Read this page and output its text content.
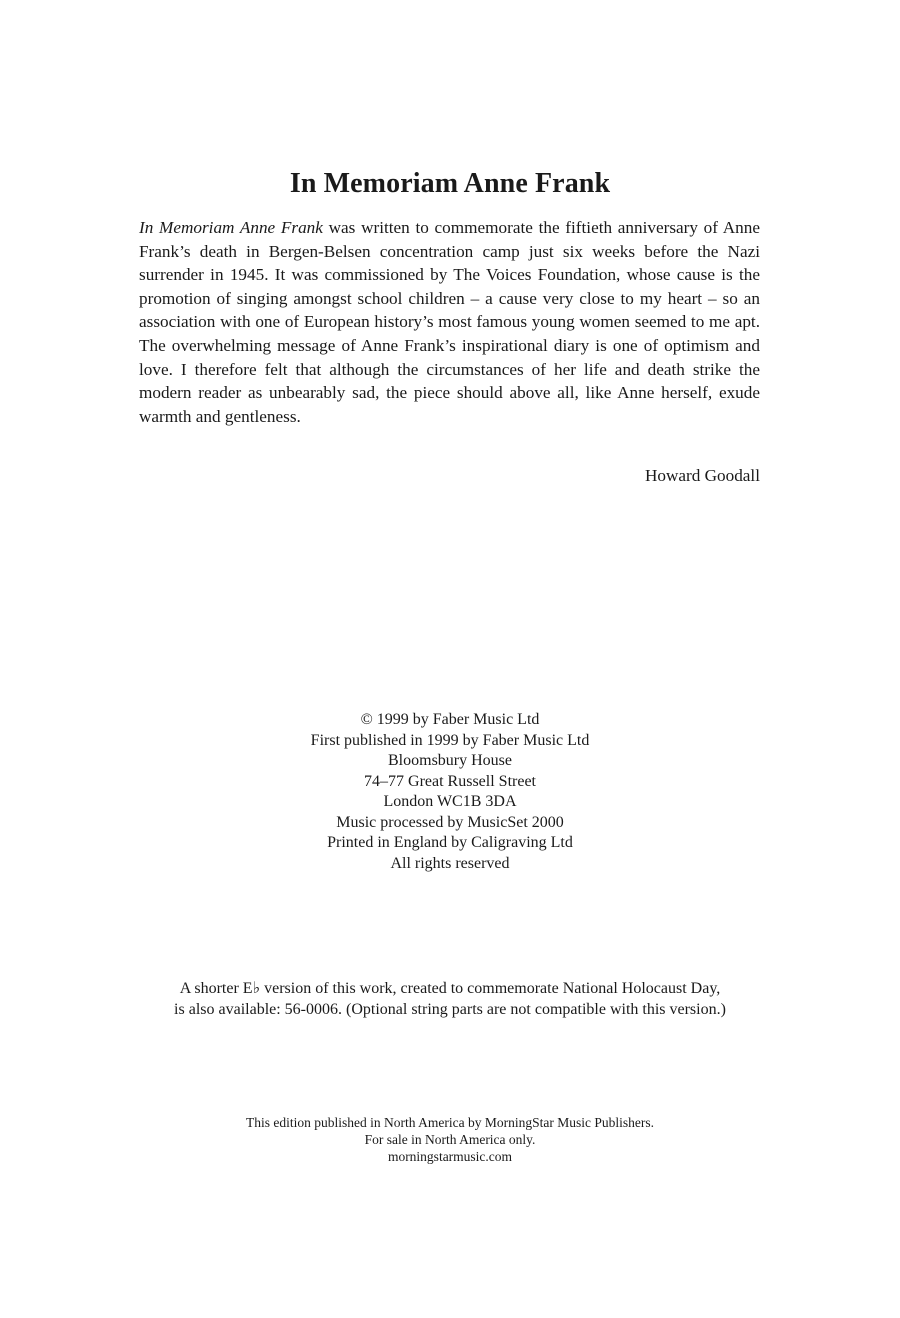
In Memoriam Anne Frank

In Memoriam Anne Frank was written to commemorate the fiftieth anniversary of Anne Frank’s death in Bergen-Belsen concentration camp just six weeks before the Nazi surrender in 1945. It was commissioned by The Voices Foundation, whose cause is the promotion of singing amongst school children – a cause very close to my heart – so an association with one of European history’s most famous young women seemed to me apt. The overwhelming message of Anne Frank’s inspirational diary is one of optimism and love. I therefore felt that although the circumstances of her life and death strike the modern reader as unbearably sad, the piece should above all, like Anne herself, exude warmth and gentleness.

Howard Goodall
© 1999 by Faber Music Ltd
First published in 1999 by Faber Music Ltd
Bloomsbury House
74–77 Great Russell Street
London WC1B 3DA
Music processed by MusicSet 2000
Printed in England by Caligraving Ltd
All rights reserved
A shorter E♭ version of this work, created to commemorate National Holocaust Day,
is also available: 56-0006. (Optional string parts are not compatible with this version.)
This edition published in North America by MorningStar Music Publishers.
For sale in North America only.
morningstarmusic.com
